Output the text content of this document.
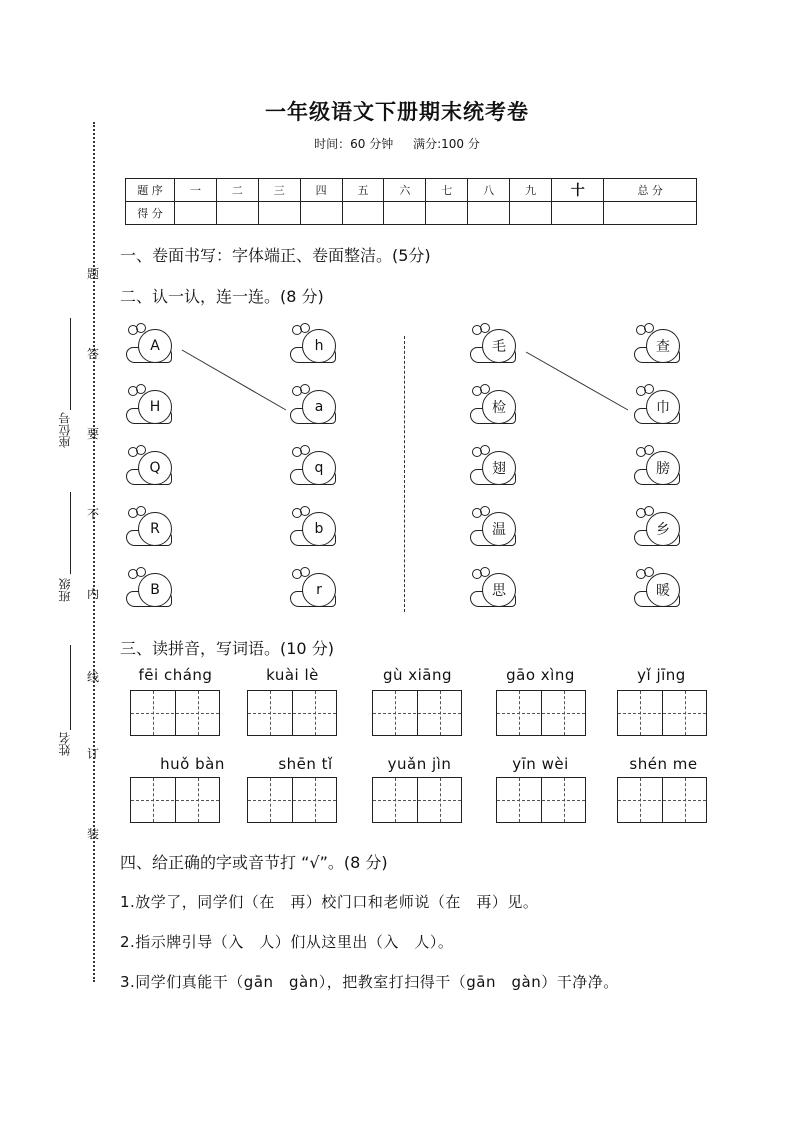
一年级语文下册期末统考卷
时间：60 分钟 满分:100 分
题 序	一	二	三	四	五	六	七	八	九	十	总 分
得 分											
题
答
要
不
内
线
订
装
座位号
班级
姓名
一、卷面书写：字体端正、卷面整洁。(5分)
二、认一认，连一连。(8 分)
A
H
Q
R
B
h
a
q
b
r
毛
检
翅
温
思
查
巾
膀
乡
暖
三、读拼音，写词语。(10 分)
fēi cháng	kuài lè	gù xiāng	gāo xìng	yǐ jīng
huǒ bàn	shēn tǐ	yuǎn jìn	yīn wèi	shén me
四、给正确的字或音节打 “√”。(8 分)
1.放学了，同学们（在　再）校门口和老师说（在　再）见。
2.指示牌引导（入　人）们从这里出（入　人）。
3.同学们真能干（gān　gàn），把教室打扫得干（gān　gàn）干净净。
